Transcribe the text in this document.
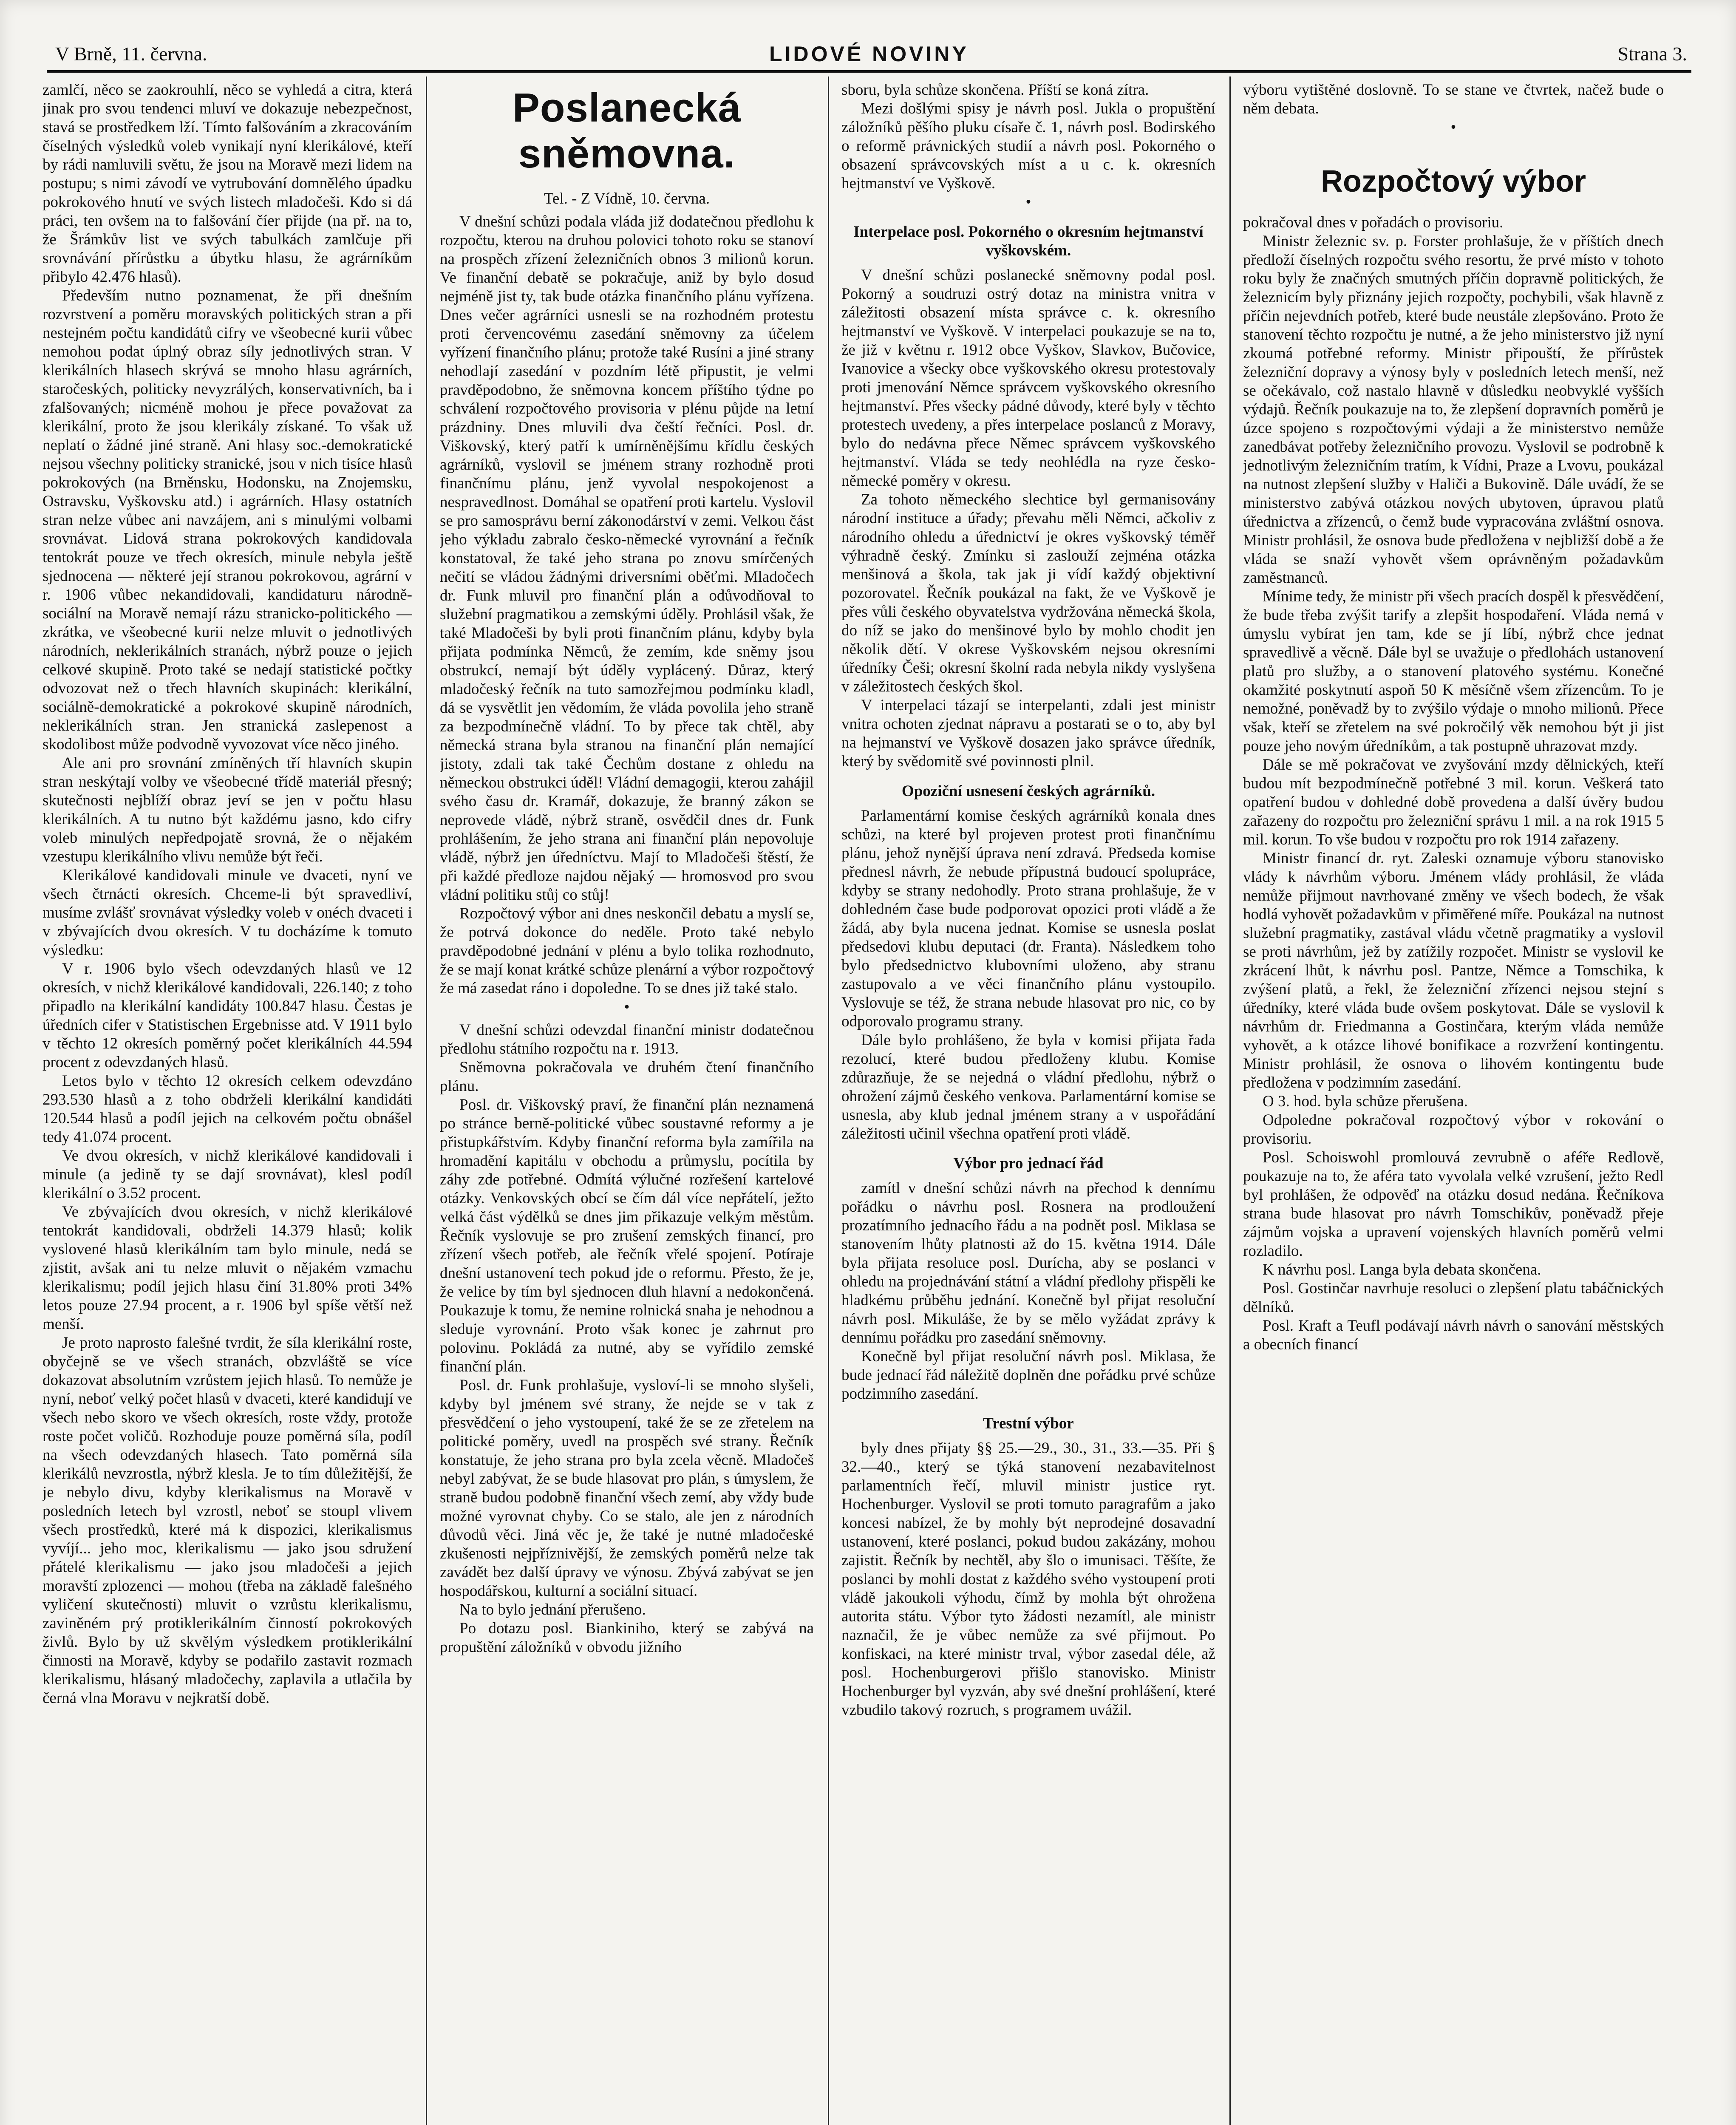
V Brně, 11. června.	LIDOVÉ NOVINY	Strana 3.

zamlčí, něco se zaokrouhlí, něco se vyhledá a citra, která jinak pro svou tendenci mluví ve dokazuje nebezpečnost, stavá se prostředkem lží. Tímto falšováním a zkracováním číselných výsledků voleb vynikají nyní klerikálové, kteří by rádi namluvili světu, že jsou na Moravě mezi lidem na postupu; s nimi závodí ve vytrubování domnělého úpadku pokrokového hnutí ve svých listech mladočeši. Kdo si dá práci, ten ovšem na to falšování číer přijde (na př. na to, že Šrámkův list ve svých tabulkách zamlčuje při srovnávání přírůstku a úbytku hlasu, že agrárníkům přibylo 42.476 hlasů).

Především nutno poznamenat, že při dnešním rozvrstvení a poměru moravských politických stran a při nestejném počtu kandidátů cifry ve všeobecné kurii vůbec nemohou podat úplný obraz síly jednotlivých stran. V klerikálních hlasech skrývá se mnoho hlasu agrárních, staročeských, politicky nevyzrálých, konservativních, ba i zfalšovaných; nicméně mohou je přece považovat za klerikální, proto že jsou klerikály získané. To však už neplatí o žádné jiné straně. Ani hlasy soc.-demokratické nejsou všechny politicky stranické, jsou v nich tisíce hlasů pokrokových (na Brněnsku, Hodonsku, na Znojemsku, Ostravsku, Vyškovsku atd.) i agrárních. Hlasy ostatních stran nelze vůbec ani navzájem, ani s minulými volbami srovnávat. Lidová strana pokrokových kandidovala tentokrát pouze ve třech okresích, minule nebyla ještě sjednocena — některé její stranou pokrokovou, agrární v r. 1906 vůbec nekandidovali, kandidaturu národně-sociální na Moravě nemají rázu stranicko-politického — zkrátka, ve všeobecné kurii nelze mluvit o jednotlivých národních, neklerikálních stranách, nýbrž pouze o jejich celkové skupině. Proto také se nedají statistické počtky odvozovat než o třech hlavních skupinách: klerikální, sociálně-demokratické a pokrokové skupině národních, neklerikálních stran. Jen stranická zaslepenost a skodolibost může podvodně vyvozovat více něco jiného.

Ale ani pro srovnání zmíněných tří hlavních skupin stran neskýtají volby ve všeobecné třídě materiál přesný; skutečnosti nejblíží obraz jeví se jen v počtu hlasu klerikálních. A tu nutno být každému jasno, kdo cifry voleb minulých nepředpojatě srovná, že o nějakém vzestupu klerikálního vlivu nemůže být řeči.

Klerikálové kandidovali minule ve dvaceti, nyní ve všech čtrnácti okresích. Chceme-li být spravedliví, musíme zvlášť srovnávat výsledky voleb v onéch dvaceti i v zbývajících dvou okresích. V tu docházíme k tomuto výsledku:

V r. 1906 bylo všech odevzdaných hlasů ve 12 okresích, v nichž klerikálové kandidovali, 226.140; z toho připadlo na klerikální kandidáty 100.847 hlasu. Čestas je úředních cifer v Statistischen Ergebnisse atd. V 1911 bylo v těchto 12 okresích poměrný počet klerikálních 44.594 procent z odevzdaných hlasů.

Letos bylo v těchto 12 okresích celkem odevzdáno 293.530 hlasů a z toho obdrželi klerikální kandidáti 120.544 hlasů a podíl jejich na celkovém počtu obnášel tedy 41.074 procent.

Ve dvou okresích, v nichž klerikálové kandidovali i minule (a jedině ty se dají srovnávat), klesl podíl klerikální o 3.52 procent.

Ve zbývajících dvou okresích, v nichž klerikálové tentokrát kandidovali, obdrželi 14.379 hlasů; kolik vyslovené hlasů klerikálním tam bylo minule, nedá se zjistit, avšak ani tu nelze mluvit o nějakém vzmachu klerikalismu; podíl jejich hlasu činí 31.80% proti 34% letos pouze 27.94 procent, a r. 1906 byl spíše větší než menší.

Je proto naprosto falešné tvrdit, že síla klerikální roste, obyčejně se ve všech stranách, obzvláště se více dokazovat absolutním vzrůstem jejich hlasů. To nemůže je nyní, neboť velký počet hlasů v dvaceti, které kandidují ve všech nebo skoro ve všech okresích, roste vždy, protože roste počet voličů. Rozhoduje pouze poměrná síla, podíl na všech odevzdaných hlasech. Tato poměrná síla klerikálů nevzrostla, nýbrž klesla. Je to tím důležitější, že je nebylo divu, kdyby klerikalismus na Moravě v posledních letech byl vzrostl, neboť se stoupl vlivem všech prostředků, které má k dispozici, klerikalismus vyvíjí... jeho moc, klerikalismu — jako jsou sdružení přátelé klerikalismu — jako jsou mladočeši a jejich moravští zplozenci — mohou (třeba na základě falešného vyličení skutečnosti) mluvit o vzrůstu klerikalismu, zaviněném prý protiklerikálním činností pokrokových živlů. Bylo by už skvělým výsledkem protiklerikální činnosti na Moravě, kdyby se podařilo zastavit rozmach klerikalismu, hlásaný mladočechy, zaplavila a utlačila by černá vlna Moravu v nejkratší době.

Poslanecká sněmovna.

Tel. - Z Vídně, 10. června.

V dnešní schůzi podala vláda již dodatečnou předlohu k rozpočtu, kterou na druhou polovici tohoto roku se stanoví na prospěch zřízení železničních obnos 3 milionů korun. Ve finanční debatě se pokračuje, aniž by bylo dosud nejméně jist ty, tak bude otázka finančního plánu vyřízena. Dnes večer agrárníci usnesli se na rozhodném protestu proti červencovému zasedání sněmovny za účelem vyřízení finančního plánu; protože také Rusíni a jiné strany nehodlají zasedání v pozdním létě připustit, je velmi pravděpodobno, že sněmovna koncem příštího týdne po schválení rozpočtového provisoria v plénu půjde na letní prázdniny. Dnes mluvili dva čeští řečníci. Posl. dr. Viškovský, který patří k umírněnějšímu křídlu českých agrárníků, vyslovil se jménem strany rozhodně proti finančnímu plánu, jenž vyvolal nespokojenost a nespravedlnost. Domáhal se opatření proti kartelu. Vyslovil se pro samosprávu berní zákonodárství v zemi. Velkou část jeho výkladu zabralo česko-německé vyrovnání a řečník konstatoval, že také jeho strana po znovu smírčených nečití se vládou žádnými driversními oběťmi. Mladočech dr. Funk mluvil pro finanční plán a odůvodňoval to služební pragmatikou a zemskými úděly. Prohlásil však, že také Mladočeši by byli proti finančním plánu, kdyby byla přijata podmínka Němců, že zemím, kde sněmy jsou obstrukcí, nemají být úděly vyplácený. Důraz, který mladočeský řečník na tuto samozřejmou podmínku kladl, dá se vysvětlit jen vědomím, že vláda povolila jeho straně za bezpodmínečně vládní. To by přece tak chtěl, aby německá strana byla stranou na finanční plán nemající jistoty, zdali tak také Čechům dostane z ohledu na německou obstrukci úděl! Vládní demagogii, kterou zahájil svého času dr. Kramář, dokazuje, že branný zákon se neprovede vládě, nýbrž straně, osvědčil dnes dr. Funk prohlášením, že jeho strana ani finanční plán nepovoluje vládě, nýbrž jen úředníctvu. Mají to Mladočeši štěstí, že při každé předloze najdou nějaký — hromosvod pro svou vládní politiku stůj co stůj!

Rozpočtový výbor ani dnes neskončil debatu a myslí se, že potrvá dokonce do neděle. Proto také nebylo pravděpodobné jednání v plénu a bylo tolika rozhodnuto, že se mají konat krátké schůze plenární a výbor rozpočtový že má zasedat ráno i dopoledne. To se dnes již také stalo.

•

V dnešní schůzi odevzdal finanční ministr dodatečnou předlohu státního rozpočtu na r. 1913.

Sněmovna pokračovala ve druhém čtení finančního plánu.

Posl. dr. Viškovský praví, že finanční plán neznamená po stránce berně-politické vůbec soustavné reformy a je přistupkářstvím. Kdyby finanční reforma byla zamířila na hromadění kapitálu v obchodu a průmyslu, pocítila by záhy zde potřebné. Odmítá výlučné rozřešení kartelové otázky. Venkovských obcí se čím dál více nepřátelí, ježto velká část výdělků se dnes jim přikazuje velkým městům. Řečník vyslovuje se pro zrušení zemských financí, pro zřízení všech potřeb, ale řečník vřelé spojení. Potíraje dnešní ustanovení tech pokud jde o reformu. Přesto, že je, že velice by tím byl sjednocen dluh hlavní a nedokončená. Poukazuje k tomu, že nemine rolnická snaha je nehodnou a sleduje vyrovnání. Proto však konec je zahrnut pro polovinu. Pokládá za nutné, aby se vyřídilo zemské finanční plán.

Posl. dr. Funk prohlašuje, vysloví-li se mnoho slyšeli, kdyby byl jménem své strany, že nejde se v tak z přesvědčení o jeho vystoupení, také že se ze zřetelem na politické poměry, uvedl na prospěch své strany. Řečník konstatuje, že jeho strana pro byla zcela věcně. Mladočeš nebyl zabývat, že se bude hlasovat pro plán, s úmyslem, že straně budou podobně finanční všech zemí, aby vždy bude možné vyrovnat chyby. Co se stalo, ale jen z národních důvodů věci. Jiná věc je, že také je nutné mladočeské zkušenosti nejpříznivější, že zemských poměrů nelze tak zavádět bez další úpravy ve výnosu. Zbývá zabývat se jen hospodářskou, kulturní a sociální situací.

Na to bylo jednání přerušeno.

Po dotazu posl. Biankiniho, který se zabývá na propuštění záložníků v obvodu jižního

sboru, byla schůze skončena. Příští se koná zítra.

Mezi došlými spisy je návrh posl. Jukla o propuštění záložníků pěšího pluku císaře č. 1, návrh posl. Bodirského o reformě právnických studií a návrh posl. Pokorného o obsazení správcovských míst a u c. k. okresních hejtmanství ve Vyškově.

•

Interpelace posl. Pokorného o okresním hejtmanství vyškovském.

V dnešní schůzi poslanecké sněmovny podal posl. Pokorný a soudruzi ostrý dotaz na ministra vnitra v záležitosti obsazení místa správce c. k. okresního hejtmanství ve Vyškově. V interpelaci poukazuje se na to, že již v květnu r. 1912 obce Vyškov, Slavkov, Bučovice, Ivanovice a všecky obce vyškovského okresu protestovaly proti jmenování Němce správcem vyškovského okresního hejtmanství. Přes všecky pádné důvody, které byly v těchto protestech uvedeny, a přes interpelace poslanců z Moravy, bylo do nedávna přece Němec správcem vyškovského hejtmanství. Vláda se tedy neohlédla na ryze česko-německé poměry v okresu.

Za tohoto německého slechtice byl germanisovány národní instituce a úřady; převahu měli Němci, ačkoliv z národního ohledu a úřednictví je okres vyškovský téměř výhradně český. Zmínku si zaslouží zejména otázka menšinová a škola, tak jak ji vídí každý objektivní pozorovatel. Řečník poukázal na fakt, že ve Vyškově je přes vůli českého obyvatelstva vydržována německá škola, do níž se jako do menšinové bylo by mohlo chodit jen několik dětí. V okrese Vyškovském nejsou okresními úředníky Češi; okresní školní rada nebyla nikdy vyslyšena v záležitostech českých škol.

V interpelaci tázají se interpelanti, zdali jest ministr vnitra ochoten zjednat nápravu a postarati se o to, aby byl na hejmanství ve Vyškově dosazen jako správce úředník, který by svědomitě své povinnosti plnil.

Opoziční usnesení českých agrárníků.

Parlamentární komise českých agrárníků konala dnes schůzi, na které byl projeven protest proti finančnímu plánu, jehož nynější úprava není zdravá. Předseda komise přednesl návrh, že nebude přípustná budoucí spolupráce, kdyby se strany nedohodly. Proto strana prohlašuje, že v dohledném čase bude podporovat opozici proti vládě a že žádá, aby byla nucena jednat. Komise se usnesla poslat předsedovi klubu deputaci (dr. Franta). Následkem toho bylo předsednictvo klubovními uloženo, aby stranu zastupovalo a ve věci finančního plánu vystoupilo. Vyslovuje se též, že strana nebude hlasovat pro nic, co by odporovalo programu strany.

Dále bylo prohlášeno, že byla v komisi přijata řada rezolucí, které budou předloženy klubu. Komise zdůrazňuje, že se nejedná o vládní předlohu, nýbrž o ohrožení zájmů českého venkova. Parlamentární komise se usnesla, aby klub jednal jménem strany a v uspořádání záležitosti učinil všechna opatření proti vládě.

Výbor pro jednací řád

zamítl v dnešní schůzi návrh na přechod k dennímu pořádku o návrhu posl. Rosnera na prodloužení prozatímního jednacího řádu a na podnět posl. Miklasa se stanovením lhůty platnosti až do 15. května 1914. Dále byla přijata resoluce posl. Durícha, aby se poslanci v ohledu na projednávání státní a vládní předlohy přispěli ke hladkému průběhu jednání. Konečně byl přijat resoluční návrh posl. Mikuláše, že by se mělo vyžádat zprávy k dennímu pořádku pro zasedání sněmovny.

Konečně byl přijat resoluční návrh posl. Miklasa, že bude jednací řád náležitě doplněn dne pořádku prvé schůze podzimního zasedání.

Trestní výbor

byly dnes přijaty §§ 25.—29., 30., 31., 33.—35. Při § 32.—40., který se týká stanovení nezabavitelnost parlamentních řečí, mluvil ministr justice ryt. Hochenburger. Vyslovil se proti tomuto paragrafům a jako koncesi nabízel, že by mohly být neprodejné dosavadní ustanovení, které poslanci, pokud budou zakázány, mohou zajistit. Řečník by nechtěl, aby šlo o imunisaci. Těšíte, že poslanci by mohli dostat z každého svého vystoupení proti vládě jakoukoli výhodu, čímž by mohla být ohrožena autorita státu. Výbor tyto žádosti nezamítl, ale ministr naznačil, že je vůbec nemůže za své přijmout. Po konfiskaci, na které ministr trval, výbor zasedal déle, až posl. Hochenburgerovi přišlo stanovisko. Ministr Hochenburger byl vyzván, aby své dnešní prohlášení, které vzbudilo takový rozruch, s programem uvážil.

výboru vytištěné doslovně. To se stane ve čtvrtek, načež bude o něm debata.

•

Rozpočtový výbor

pokračoval dnes v pořadách o provisoriu.

Ministr železnic sv. p. Forster prohlašuje, že v příštích dnech předloží číselných rozpočtu svého resortu, že prvé místo v tohoto roku byly že značných smutných příčin dopravně politických, že železnicím byly přiznány jejich rozpočty, pochybili, však hlavně z příčin nejevdních potřeb, které bude neustále zlepšováno. Proto že stanovení těchto rozpočtu je nutné, a že jeho ministerstvo již nyní zkoumá potřebné reformy. Ministr připouští, že přírůstek železniční dopravy a výnosy byly v posledních letech menší, než se očekávalo, což nastalo hlavně v důsledku neobvyklé vyšších výdajů. Řečník poukazuje na to, že zlepšení dopravních poměrů je úzce spojeno s rozpočtovými výdaji a že ministerstvo nemůže zanedbávat potřeby železničního provozu. Vyslovil se podrobně k jednotlivým železničním tratím, k Vídni, Praze a Lvovu, poukázal na nutnost zlepšení služby v Haliči a Bukovině. Dále uvádí, že se ministerstvo zabývá otázkou nových ubytoven, úpravou platů úřednictva a zřízenců, o čemž bude vypracována zvláštní osnova. Ministr prohlásil, že osnova bude předložena v nejbližší době a že vláda se snaží vyhovět všem oprávněným požadavkům zaměstnanců.

Mínime tedy, že ministr při všech pracích dospěl k přesvědčení, že bude třeba zvýšit tarify a zlepšit hospodaření. Vláda nemá v úmyslu vybírat jen tam, kde se jí líbí, nýbrž chce jednat spravedlivě a věcně. Dále byl se uvažuje o předlohách ustanovení platů pro služby, a o stanovení platového systému. Konečné okamžité poskytnutí aspoň 50 K měsíčně všem zřízencům. To je nemožné, poněvadž by to zvýšilo výdaje o mnoho milionů. Přece však, kteří se zřetelem na své pokročilý věk nemohou být ji jist pouze jeho novým úředníkům, a tak postupně uhrazovat mzdy.

Dále se mě pokračovat ve zvyšování mzdy dělnických, kteří budou mít bezpodmínečně potřebné 3 mil. korun. Veškerá tato opatření budou v dohledné době provedena a další úvěry budou zařazeny do rozpočtu pro železniční správu 1 mil. a na rok 1915 5 mil. korun. To vše budou v rozpočtu pro rok 1914 zařazeny.

Ministr financí dr. ryt. Zaleski oznamuje výboru stanovisko vlády k návrhům výboru. Jménem vlády prohlásil, že vláda nemůže přijmout navrhované změny ve všech bodech, že však hodlá vyhovět požadavkům v přiměřené míře. Poukázal na nutnost služební pragmatiky, zastával vládu včetně pragmatiky a vyslovil se proti návrhům, jež by zatížily rozpočet. Ministr se vyslovil ke zkrácení lhůt, k návrhu posl. Pantze, Němce a Tomschika, k zvýšení platů, a řekl, že železniční zřízenci nejsou stejní s úředníky, které vláda bude ovšem poskytovat. Dále se vyslovil k návrhům dr. Friedmanna a Gostinčara, kterým vláda nemůže vyhovět, a k otázce lihové bonifikace a rozvržení kontingentu. Ministr prohlásil, že osnova o lihovém kontingentu bude předložena v podzimním zasedání.

O 3. hod. byla schůze přerušena.

Odpoledne pokračoval rozpočtový výbor v rokování o provisoriu.

Posl. Schoiswohl promlouvá zevrubně o aféře Redlově, poukazuje na to, že aféra tato vyvolala velké vzrušení, ježto Redl byl prohlášen, že odpověď na otázku dosud nedána. Řečníkova strana bude hlasovat pro návrh Tomschikův, poněvadž přeje zájmům vojska a upravení vojenských hlavních poměrů velmi rozladilo.

K návrhu posl. Langa byla debata skončena.

Posl. Gostinčar navrhuje resoluci o zlepšení platu tabáčnických dělníků.

Posl. Kraft a Teufl podávají návrh návrh o sanování městských a obecních financí
